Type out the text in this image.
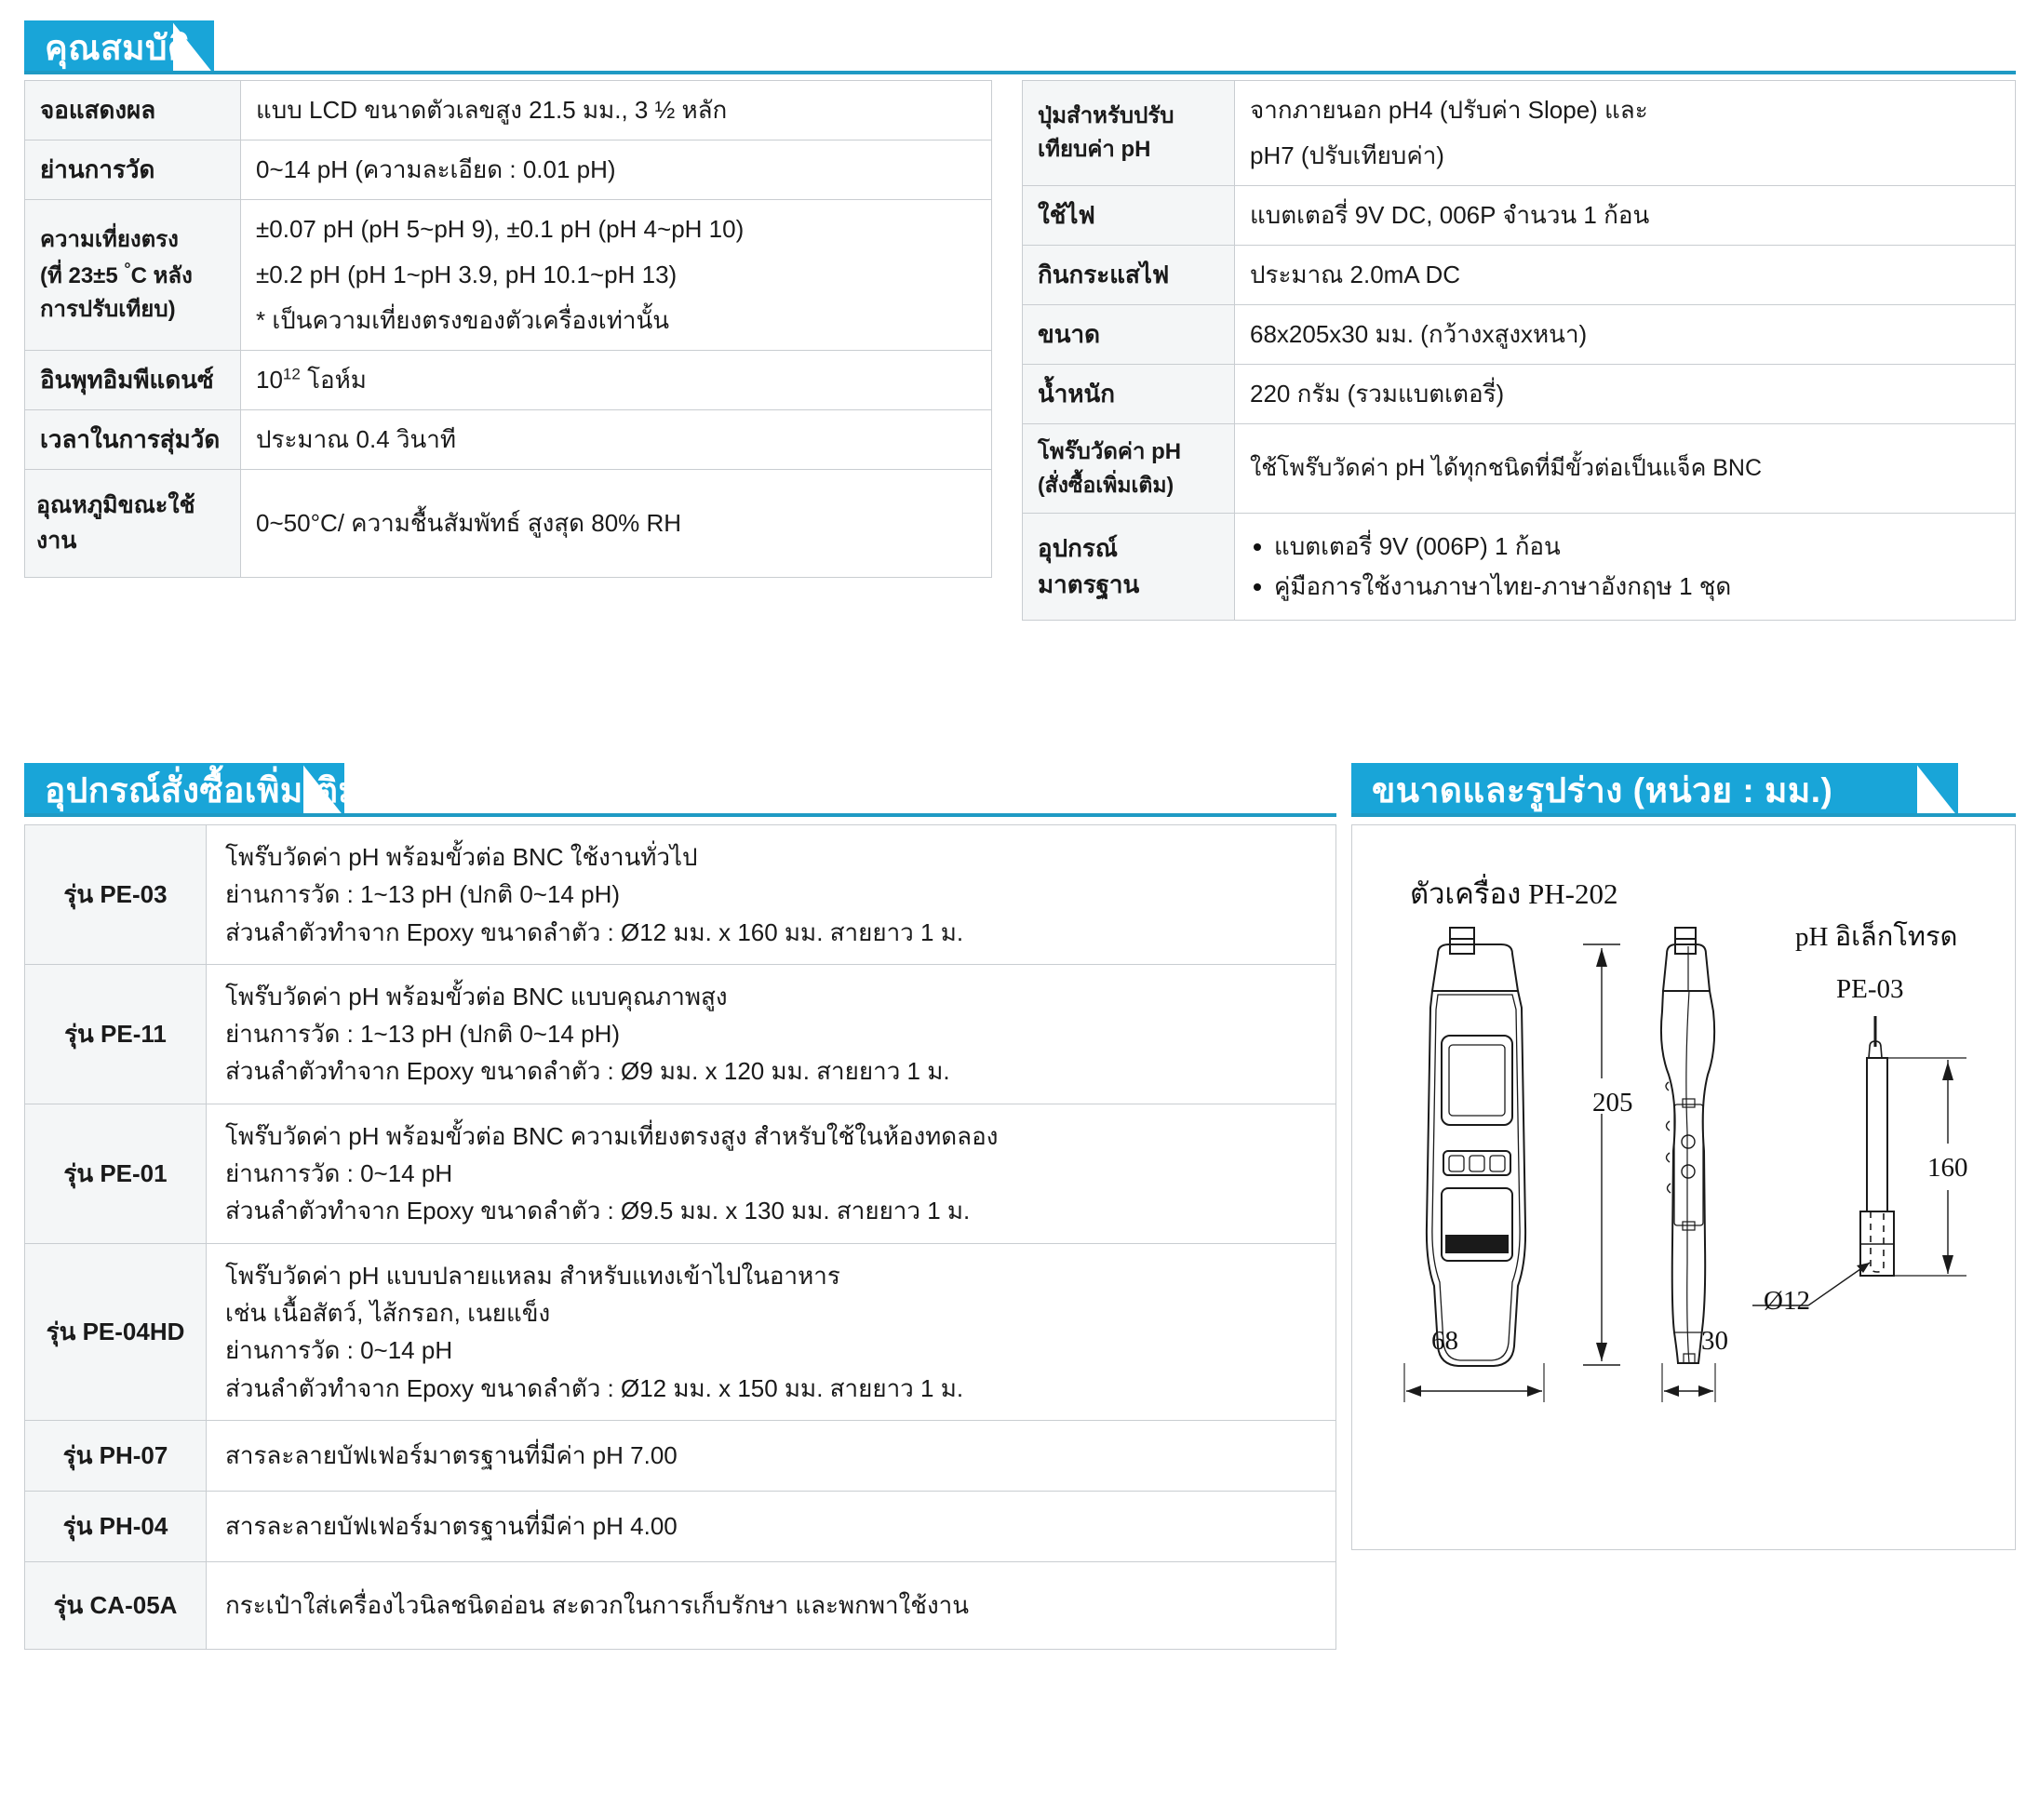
คุณสมบัติ
จอแสดงผล	แบบ LCD ขนาดตัวเลขสูง 21.5 มม., 3 ½ หลัก

ย่านการวัด	0~14 pH (ความละเอียด : 0.01 pH)

ความเที่ยงตรง
(ที่ 23±5 °C หลัง
การปรับเทียบ)	±0.07 pH (pH 5~pH 9), ±0.1 pH (pH 4~pH 10)
±0.2 pH (pH 1~pH 3.9, pH 10.1~pH 13)
* เป็นความเที่ยงตรงของตัวเครื่องเท่านั้น

อินพุทอิมพีแดนซ์	$10^{12}$ โอห์ม
เวลาในการสุ่มวัด	ประมาณ 0.4 วินาที

อุณหภูมิขณะใช้งาน	0~50°C/ ความชื้นสัมพัทธ์ สูงสุด 80% RH
ปุ่มสำหรับปรับ
เทียบค่า pH	จากภายนอก pH4 (ปรับค่า Slope) และ
pH7 (ปรับเทียบค่า)

ใช้ไฟ	แบตเตอรี่ 9V DC, 006P จำนวน 1 ก้อน

กินกระแสไฟ	ประมาณ 2.0mA DC

ขนาด	68x205x30 มม. (กว้างxสูงxหนา)

น้ำหนัก	220 กรัม (รวมแบตเตอรี่)

โพร๊บวัดค่า pH
(สั่งซื้อเพิ่มเติม)	ใช้โพร๊บวัดค่า pH ได้ทุกชนิดที่มีขั้วต่อเป็นแจ็ค BNC

อุปกรณ์มาตรฐาน	
แบตเตอรี่ 9V (006P) 1 ก้อน
คู่มือการใช้งานภาษาไทย-ภาษาอังกฤษ 1 ชุด
อุปกรณ์สั่งซื้อเพิ่มเติม	ขนาดและรูปร่าง (หน่วย : มม.)
รุ่น PE-03	โพร๊บวัดค่า pH พร้อมขั้วต่อ BNC ใช้งานทั่วไป
ย่านการวัด : 1~13 pH (ปกติ 0~14 pH)
ส่วนลำตัวทำจาก Epoxy ขนาดลำตัว : Ø12 มม. x 160 มม. สายยาว 1 ม.

รุ่น PE-11	โพร๊บวัดค่า pH พร้อมขั้วต่อ BNC แบบคุณภาพสูง
ย่านการวัด : 1~13 pH (ปกติ 0~14 pH)
ส่วนลำตัวทำจาก Epoxy ขนาดลำตัว : Ø9 มม. x 120 มม. สายยาว 1 ม.

รุ่น PE-01	โพร๊บวัดค่า pH พร้อมขั้วต่อ BNC ความเที่ยงตรงสูง สำหรับใช้ในห้องทดลอง
ย่านการวัด : 0~14 pH
ส่วนลำตัวทำจาก Epoxy ขนาดลำตัว : Ø9.5 มม. x 130 มม. สายยาว 1 ม.

รุ่น PE-04HD	โพร๊บวัดค่า pH แบบปลายแหลม สำหรับแทงเข้าไปในอาหาร
เช่น เนื้อสัตว์, ไส้กรอก, เนยแข็ง
ย่านการวัด : 0~14 pH
ส่วนลำตัวทำจาก Epoxy ขนาดลำตัว : Ø12 มม. x 150 มม. สายยาว 1 ม.

รุ่น PH-07	สารละลายบัฟเฟอร์มาตรฐานที่มีค่า pH 7.00

รุ่น PH-04	สารละลายบัฟเฟอร์มาตรฐานที่มีค่า pH 4.00

รุ่น CA-05A	กระเป๋าใส่เครื่องไวนิลชนิดอ่อน สะดวกในการเก็บรักษา และพกพาใช้งาน
ตัวเครื่อง PH-202
pH อิเล็กโทรด
PE-03
205
68	30
160
Ø12
